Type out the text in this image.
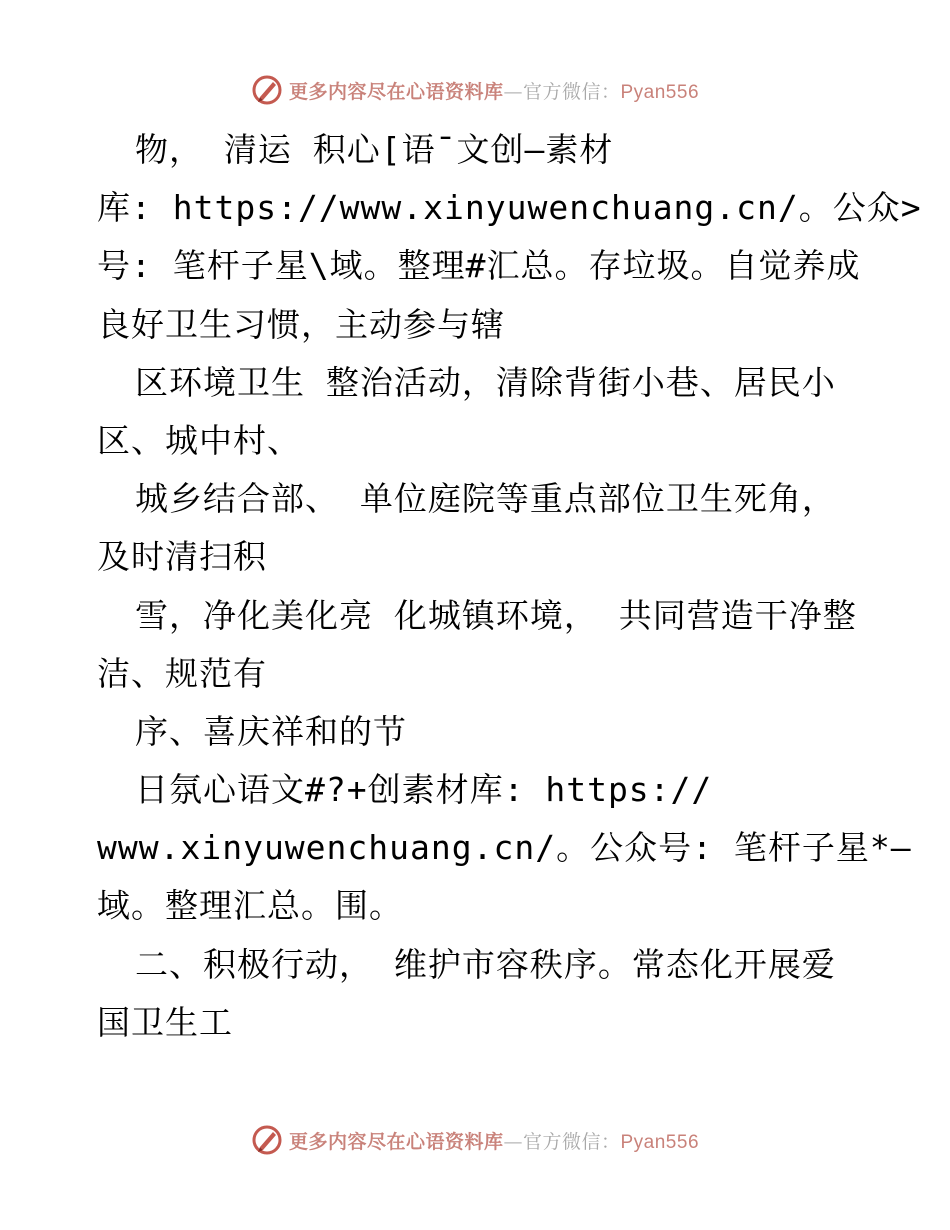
更多内容尽在心语资料库—官方微信：Pyan556
物， 清运 积心[语¯文创—素材
库: https://www.xinyuwenchuang.cn/。公众>
号: 笔杆子星\域。整理#汇总。存垃圾。自觉养成
良好卫生习惯，主动参与辖
区环境卫生 整治活动，清除背街小巷、居民小
区、城中村、
城乡结合部、 单位庭院等重点部位卫生死角，
及时清扫积
雪，净化美化亮 化城镇环境， 共同营造干净整
洁、规范有
序、喜庆祥和的节
日氛心语文#?+创素材库: https://
www.xinyuwenchuang.cn/。公众号: 笔杆子星*—
域。整理汇总。围。
二、积极行动， 维护市容秩序。常态化开展爱
国卫生工
更多内容尽在心语资料库—官方微信：Pyan556
